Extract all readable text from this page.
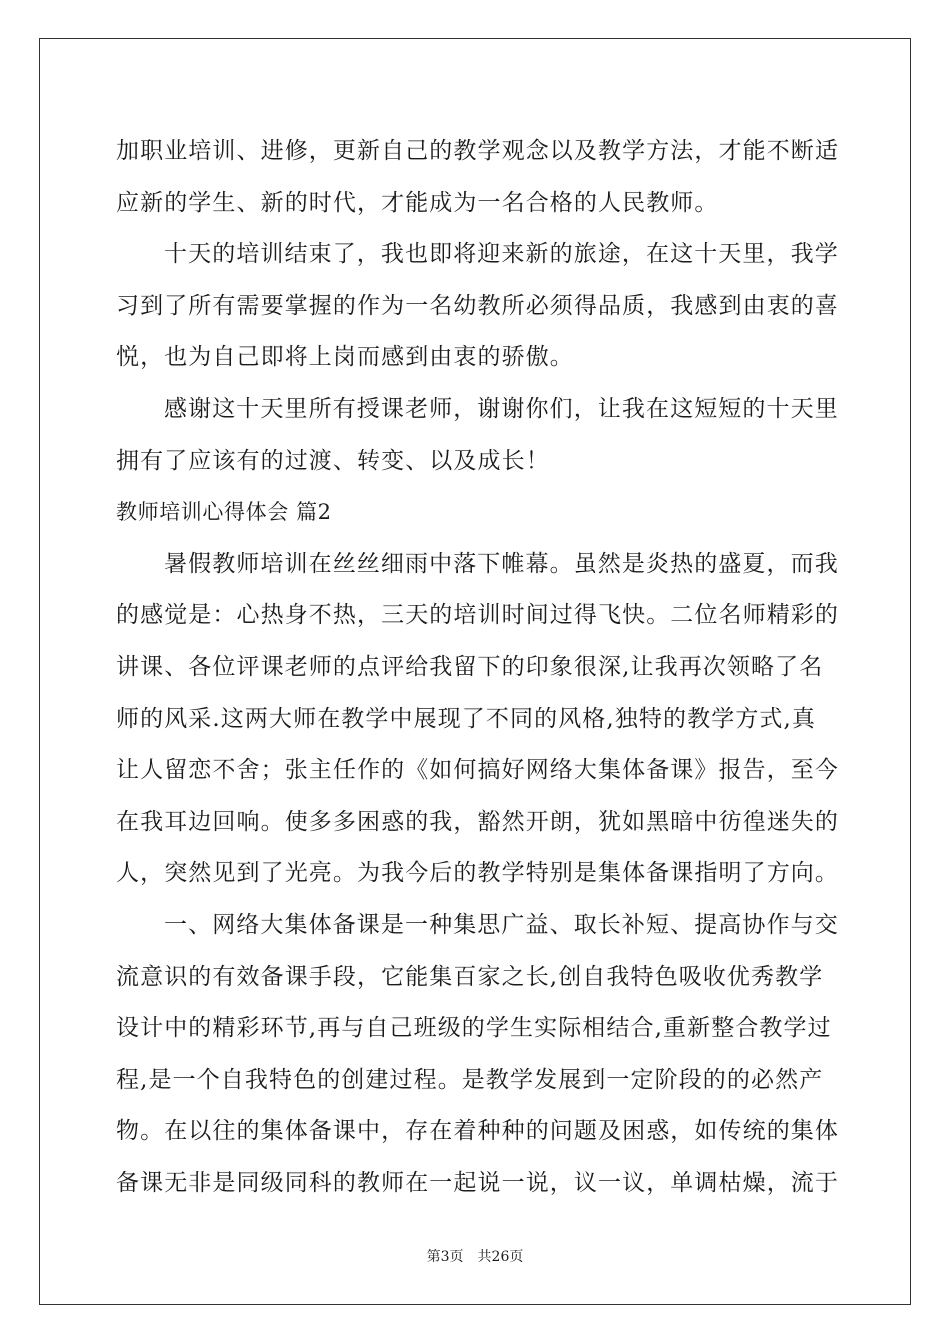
加职业培训、进修，更新自己的教学观念以及教学方法，才能不断适
应新的学生、新的时代，才能成为一名合格的人民教师。
十天的培训结束了，我也即将迎来新的旅途，在这十天里，我学
习到了所有需要掌握的作为一名幼教所必须得品质，我感到由衷的喜
悦，也为自己即将上岗而感到由衷的骄傲。
感谢这十天里所有授课老师，谢谢你们，让我在这短短的十天里
拥有了应该有的过渡、转变、以及成长！
教师培训心得体会 篇2
暑假教师培训在丝丝细雨中落下帷幕。虽然是炎热的盛夏，而我
的感觉是：心热身不热，三天的培训时间过得飞快。二位名师精彩的
讲课、各位评课老师的点评给我留下的印象很深,让我再次领略了名
师的风采.这两大师在教学中展现了不同的风格,独特的教学方式,真
让人留恋不舍；张主任作的《如何搞好网络大集体备课》报告，至今
在我耳边回响。使多多困惑的我，豁然开朗，犹如黑暗中彷徨迷失的
人，突然见到了光亮。为我今后的教学特别是集体备课指明了方向。
一、网络大集体备课是一种集思广益、取长补短、提高协作与交
流意识的有效备课手段，它能集百家之长,创自我特色吸收优秀教学
设计中的精彩环节,再与自己班级的学生实际相结合,重新整合教学过
程,是一个自我特色的创建过程。是教学发展到一定阶段的的必然产
物。在以往的集体备课中，存在着种种的问题及困惑，如传统的集体
备课无非是同级同科的教师在一起说一说，议一议，单调枯燥，流于
第3页 共26页
